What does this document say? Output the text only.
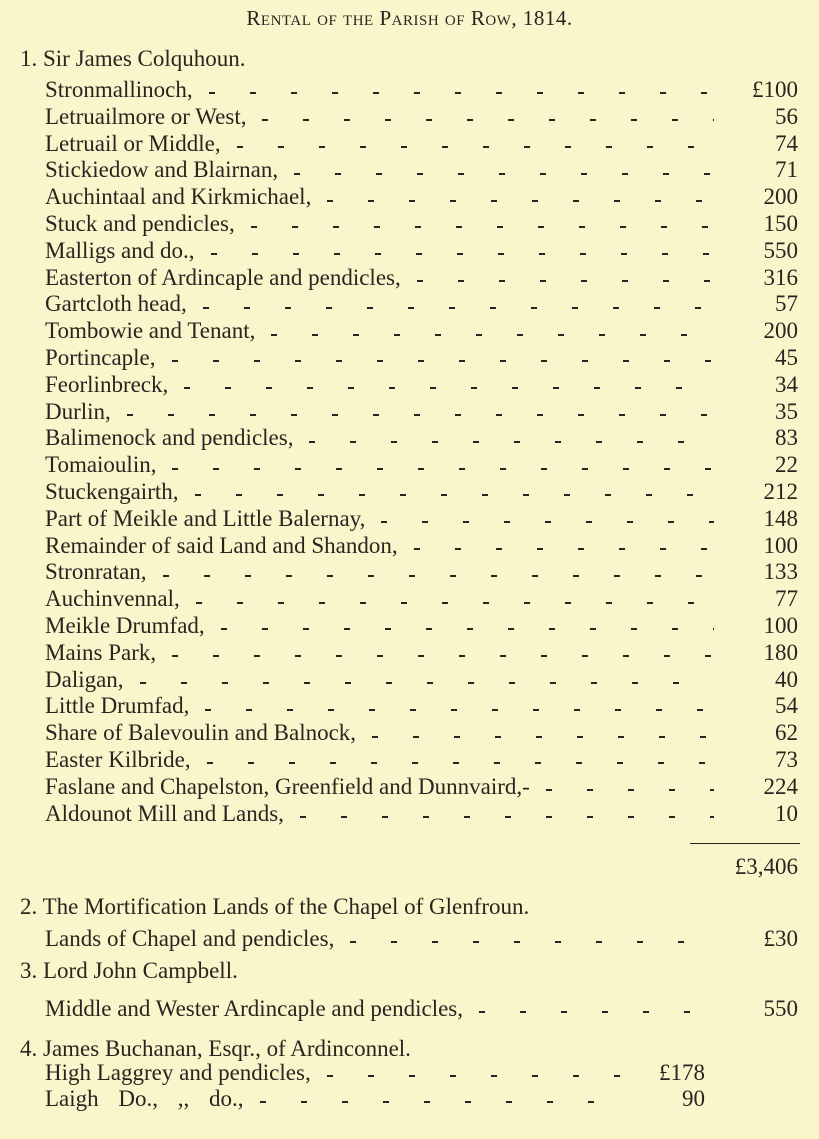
Rental of the Parish of Row, 1814.
1. Sir James Colquhoun.
Stronmallinoch,	£100
Letruailmore or West,	56
Letruail or Middle,	74
Stickiedow and Blairnan,	71
Auchintaal and Kirkmichael,	200
Stuck and pendicles,	150
Malligs and do.,	550
Easterton of Ardincaple and pendicles,	316
Gartcloth head,	57
Tombowie and Tenant,	200
Portincaple,	45
Feorlinbreck,	34
Durlin,	35
Balimenock and pendicles,	83
Tomaioulin,	22
Stuckengairth,	212
Part of Meikle and Little Balernay,	148
Remainder of said Land and Shandon,	100
Stronratan,	133
Auchinvennal,	77
Meikle Drumfad,	100
Mains Park,	180
Daligan,	40
Little Drumfad,	54
Share of Balevoulin and Balnock,	62
Easter Kilbride,	73
Faslane and Chapelston, Greenfield and Dunnvaird,-	224
Aldounot Mill and Lands,	10
£3,406
2. The Mortification Lands of the Chapel of Glenfroun.
Lands of Chapel and pendicles,	£30
3. Lord John Campbell.
Middle and Wester Ardincaple and pendicles,	550
4. James Buchanan, Esqr., of Ardinconnel.
High Laggrey and pendicles,	£178
Laigh Do., ,, do.,	90
